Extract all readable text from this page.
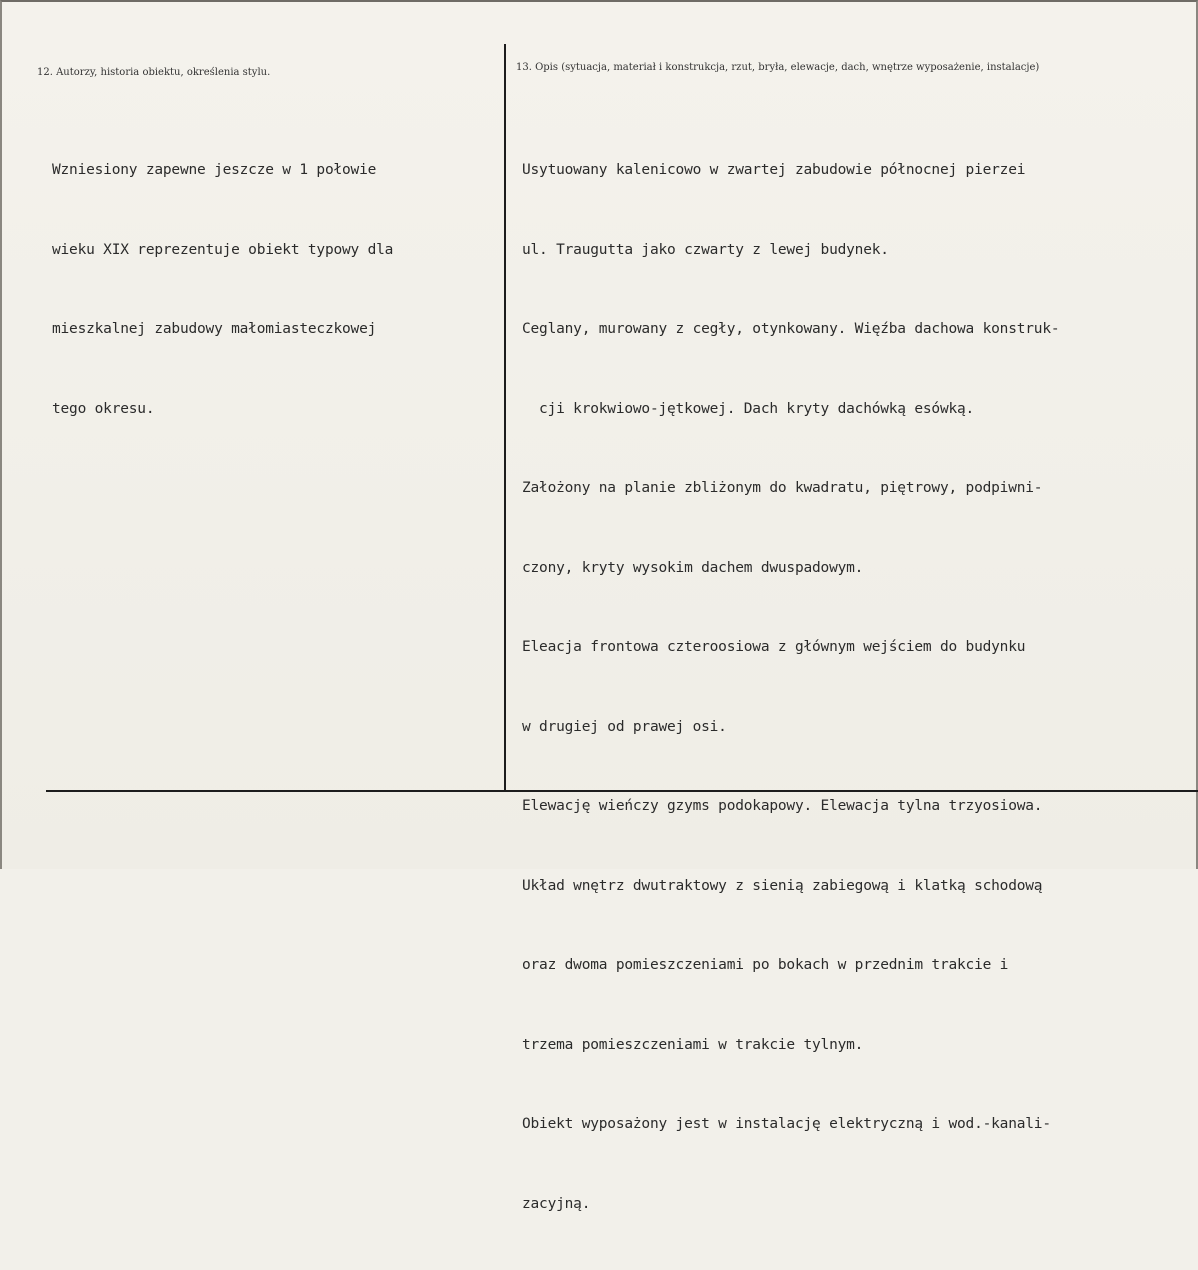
12. Autorzy, historia obiektu, określenia stylu.	13. Opis (sytuacja, materiał i konstrukcja, rzut, bryła, elewacje, dach, wnętrze wyposażenie, instalacje)

Wzniesiony zapewne jeszcze w 1 połowie

wieku XIX reprezentuje obiekt typowy dla

mieszkalnej zabudowy małomiasteczkowej

tego okresu.

Usytuowany kalenicowo w zwartej zabudowie północnej pierzei

ul. Traugutta jako czwarty z lewej budynek.

Ceglany, murowany z cegły, otynkowany. Więźba dachowa konstruk-

cji krokwiowo-jętkowej. Dach kryty dachówką esówką.

Założony na planie zbliżonym do kwadratu, piętrowy, podpiwni-

czony, kryty wysokim dachem dwuspadowym.

Eleacja frontowa czteroosiowa z głównym wejściem do budynku

w drugiej od prawej osi.

Elewację wieńczy gzyms podokapowy. Elewacja tylna trzyosiowa.

Układ wnętrz dwutraktowy z sienią zabiegową i klatką schodową

oraz dwoma pomieszczeniami po bokach w przednim trakcie i

trzema pomieszczeniami w trakcie tylnym.

Obiekt wyposażony jest w instalację elektryczną i wod.-kanali-

zacyjną.
